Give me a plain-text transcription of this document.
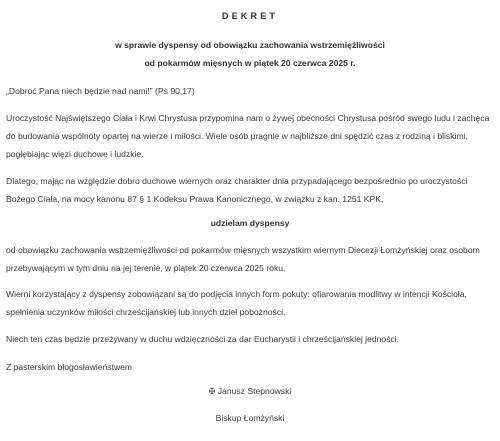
DEKRET
w sprawie dyspensy od obowiązku zachowania wstrzemięźliwości
od pokarmów mięsnych w piątek 20 czerwca 2025 r.

„Dobroć Pana niech będzie nad nami!” (Ps 90,17)

Uroczystość Najświętszego Ciała i Krwi Chrystusa przypomina nam o żywej obecności Chrystusa pośród swego ludu i zachęca
do budowania wspólnoty opartej na wierze i miłości. Wiele osób pragnie w najbliższe dni spędzić czas z rodziną i bliskimi,
pogłębiając więzi duchowe i ludzkie.

Dlatego, mając na względzie dobro duchowe wiernych oraz charakter dnia przypadającego bezpośrednio po uroczystości
Bożego Ciała, na mocy kanonu 87 § 1 Kodeksu Prawa Kanonicznego, w związku z kan. 1251 KPK,

udzielam dyspensy

od obowiązku zachowania wstrzemięźliwości od pokarmów mięsnych wszystkim wiernym Diecezji Łomżyńskiej oraz osobom
przebywającym w tym dniu na jej terenie, w piątek 20 czerwca 2025 roku.

Wierni korzystający z dyspensy zobowiązani są do podjęcia innych form pokuty: ofiarowania modlitwy w intencji Kościoła,
spełnienia uczynków miłości chrześcijańskiej lub innych dzieł pobożności.

Niech ten czas będzie przeżywany w duchu wdzięczności za dar Eucharystii i chrześcijańskiej jedności.

Z pasterskim błogosławieństwem

✠ Janusz Stepnowski
Biskup Łomżyński
